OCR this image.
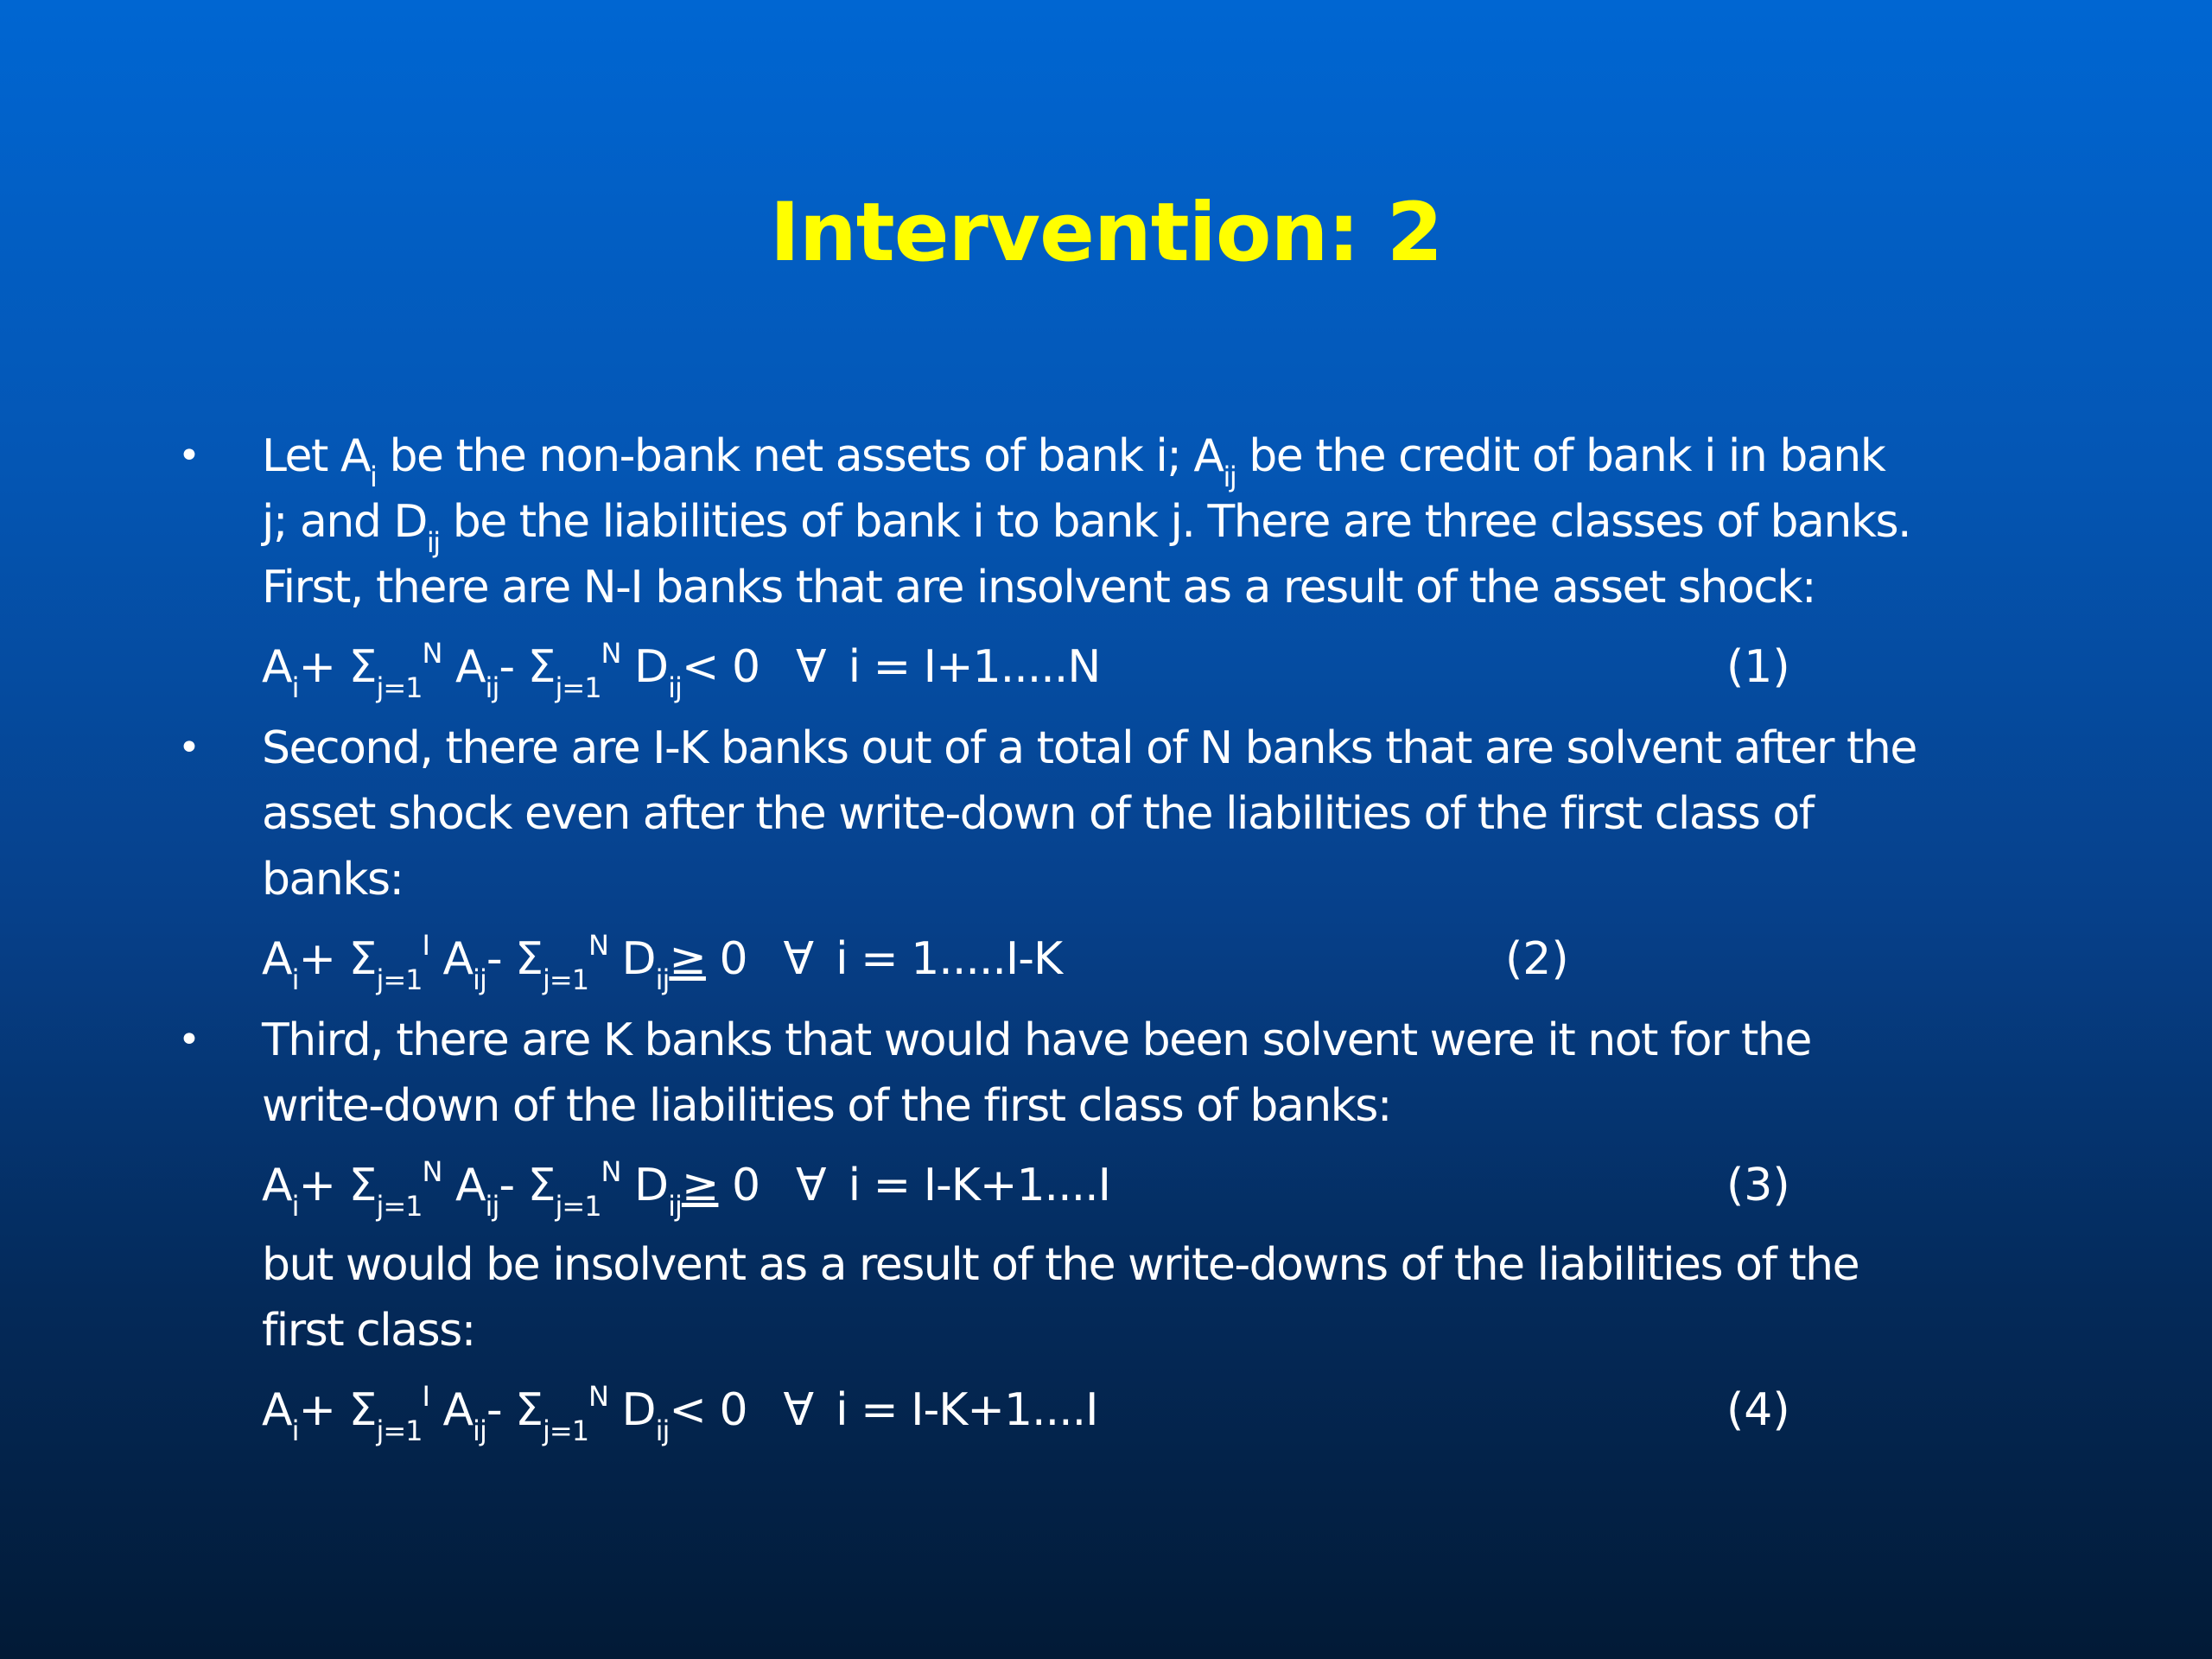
Intervention: 2
• Let $A_i$ be the non-bank net assets of bank i; $A_{ij}$ be the credit of bank i in bank
j; and $D_{ij}$ be the liabilities of bank i to bank j. There are three classes of banks.
First, there are N-I banks that are insolvent as a result of the asset shock:
$A_i+ \Sigma_{j=1}^N$ $A_{ij}-$ $\Sigma_{j=1}^N$ $D_{ij}< 0$ ∀ i = I+1.....N	(1)
• Second, there are I-K banks out of a total of N banks that are solvent after the
asset shock even after the write-down of the liabilities of the first class of
banks:
$A_i+ \Sigma_{j=1}^I$ $A_{ij}-$ $\Sigma_{j=1}^N$ $D_{ij}\ge 0$ ∀ i = 1.....I-K	(2)
• Third, there are K banks that would have been solvent were it not for the
write-down of the liabilities of the first class of banks:
$A_i+ \Sigma_{j=1}^N$ $A_{ij}-$ $\Sigma_{j=1}^N$ $D_{ij}\ge 0$ ∀ i = I-K+1....I	(3)
but would be insolvent as a result of the write-downs of the liabilities of the
first class:
$A_i+ \Sigma_{j=1}^I$ $A_{ij}-$ $\Sigma_{j=1}^N$ $D_{ij}< 0$ ∀ i = I-K+1....I	(4)
